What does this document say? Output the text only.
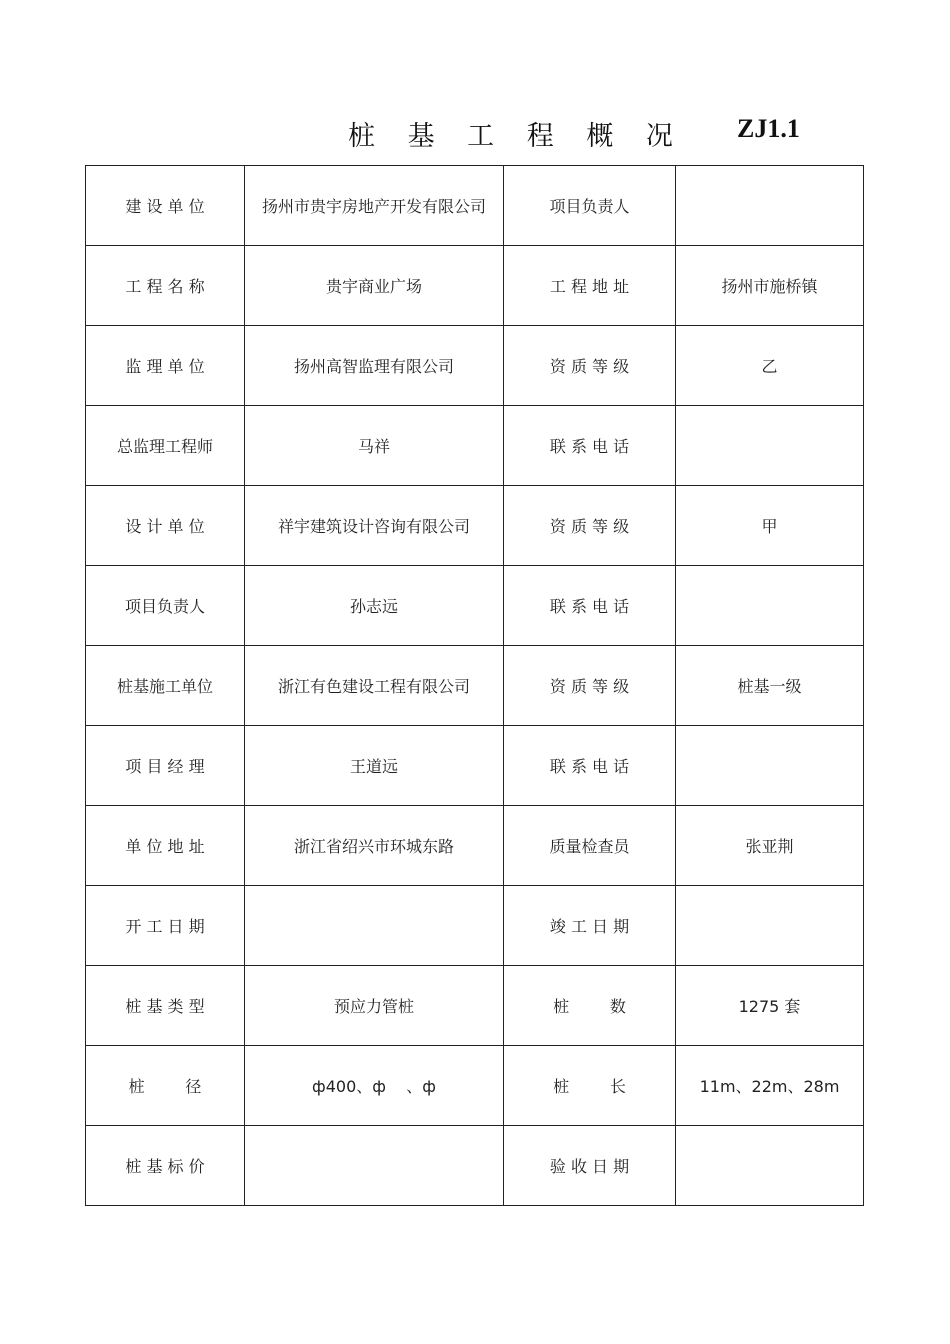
桩 基 工 程 概 况 ZJ1.1
建 设 单 位	扬州市贵宇房地产开发有限公司	项目负责人	
工 程 名 称	贵宇商业广场	工 程 地 址	扬州市施桥镇
监 理 单 位	扬州高智监理有限公司	资 质 等 级	乙
总监理工程师	马祥	联 系 电 话	
设 计 单 位	祥宇建筑设计咨询有限公司	资 质 等 级	甲
项目负责人	孙志远	联 系 电 话	
桩基施工单位	浙江有色建设工程有限公司	资 质 等 级	桩基一级
项 目 经 理	王道远	联 系 电 话	
单 位 地 址	浙江省绍兴市环城东路	质量检查员	张亚荆
开 工 日 期		竣 工 日 期	
桩 基 类 型	预应力管桩	桩        数	1275 套
桩        径	ф400、ф    、ф	桩        长	11m、22m、28m
桩 基 标 价		验 收 日 期	
